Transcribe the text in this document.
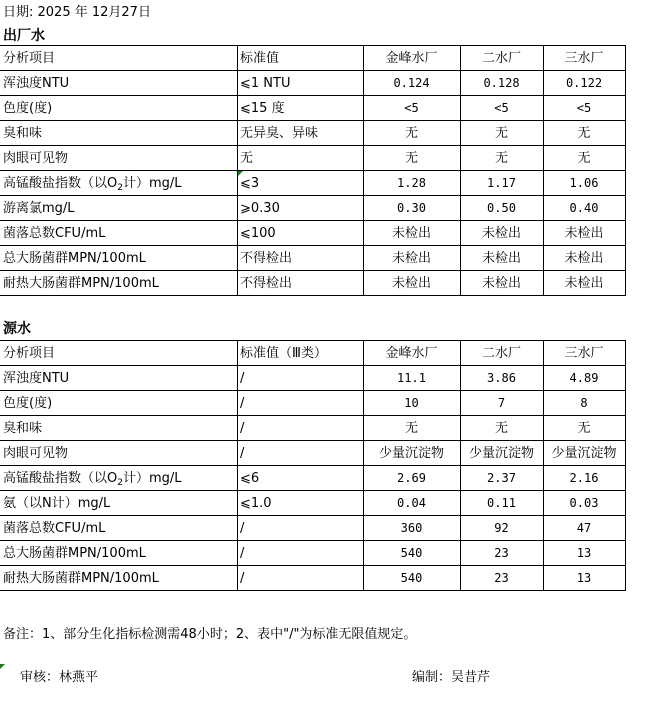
日期: 2025 年 12月27日
出厂水
分析项目	标准值	金峰水厂	二水厂	三水厂
浑浊度NTU	⩽1 NTU	0.124	0.128	0.122
色度(度)	⩽15 度	<5	<5	<5
臭和味	无异臭、异味	无	无	无
肉眼可见物	无	无	无	无
高锰酸盐指数（以$O_2$计）mg/L	⩽3	1.28	1.17	1.06
游离氯mg/L	⩾0.30	0.30	0.50	0.40
菌落总数CFU/mL	⩽100	未检出	未检出	未检出
总大肠菌群MPN/100mL	不得检出	未检出	未检出	未检出
耐热大肠菌群MPN/100mL	不得检出	未检出	未检出	未检出
源水
分析项目	标准值（Ⅲ类）	金峰水厂	二水厂	三水厂
浑浊度NTU	/	11.1	3.86	4.89
色度(度)	/	10	7	8
臭和味	/	无	无	无
肉眼可见物	/	少量沉淀物	少量沉淀物	少量沉淀物
高锰酸盐指数（以$O_2$计）mg/L	⩽6	2.69	2.37	2.16
氨（以N计）mg/L	⩽1.0	0.04	0.11	0.03
菌落总数CFU/mL	/	360	92	47
总大肠菌群MPN/100mL	/	540	23	13
耐热大肠菌群MPN/100mL	/	540	23	13
备注：1、部分生化指标检测需48小时；2、表中"/"为标准无限值规定。
审核：林燕平	编制：吴昔芹
